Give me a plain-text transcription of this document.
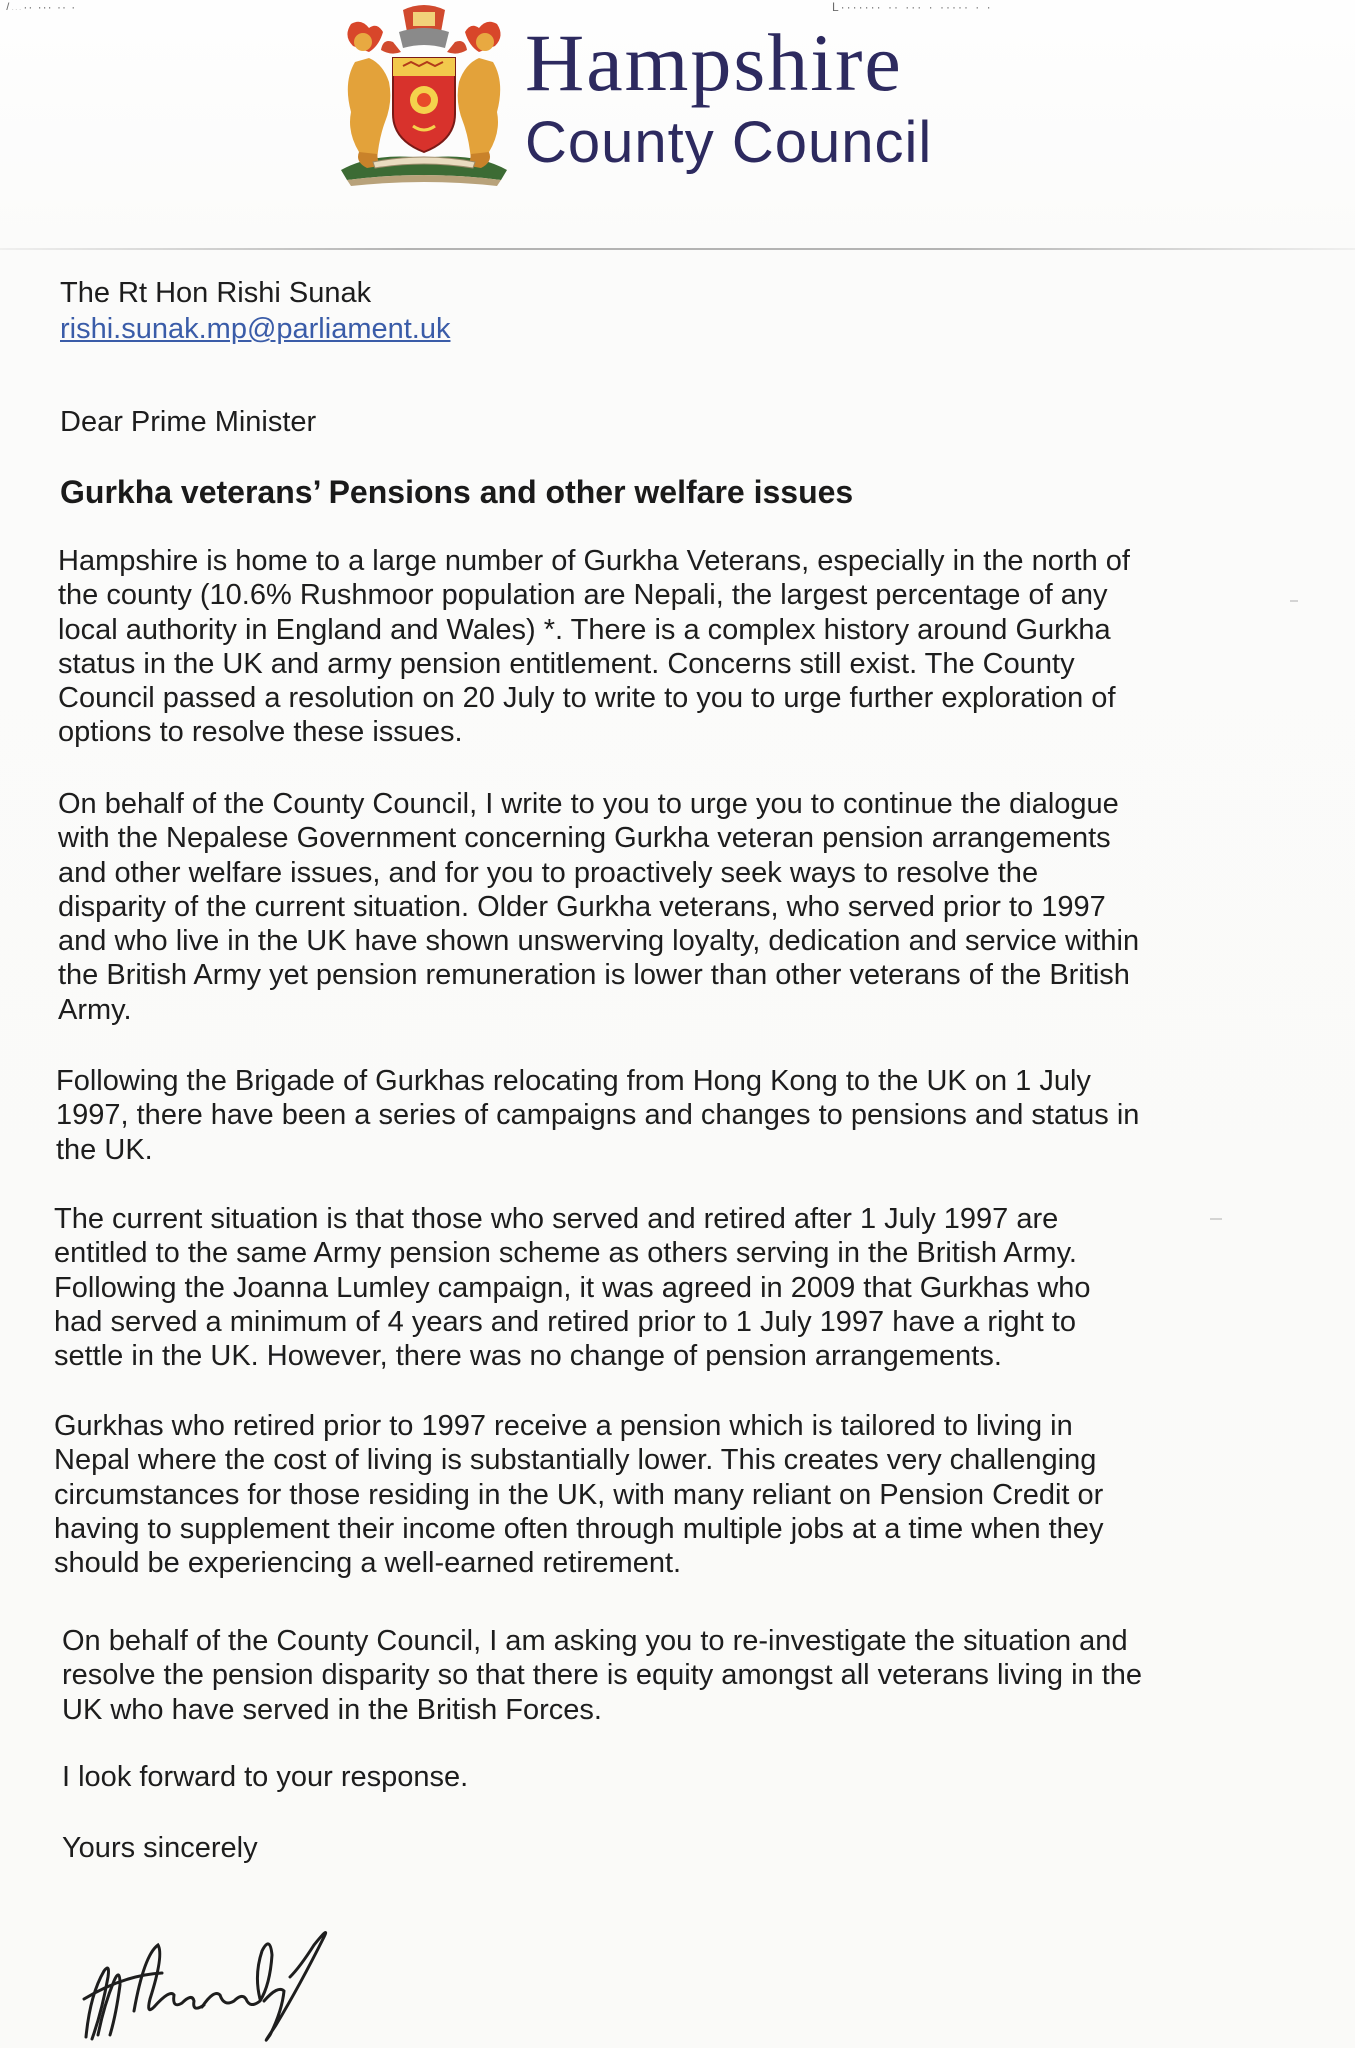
/…·· ··· ·· ·	L······· ·· ··· · ····· · ·
Hampshire
County Council
The Rt Hon Rishi Sunak
rishi.sunak.mp@parliament.uk
Dear Prime Minister
Gurkha veterans’ Pensions and other welfare issues
Hampshire is home to a large number of Gurkha Veterans, especially in the north of
the county (10.6% Rushmoor population are Nepali, the largest percentage of any
local authority in England and Wales) *. There is a complex history around Gurkha
status in the UK and army pension entitlement. Concerns still exist. The County
Council passed a resolution on 20 July to write to you to urge further exploration of
options to resolve these issues.
On behalf of the County Council, I write to you to urge you to continue the dialogue
with the Nepalese Government concerning Gurkha veteran pension arrangements
and other welfare issues, and for you to proactively seek ways to resolve the
disparity of the current situation. Older Gurkha veterans, who served prior to 1997
and who live in the UK have shown unswerving loyalty, dedication and service within
the British Army yet pension remuneration is lower than other veterans of the British
Army.
Following the Brigade of Gurkhas relocating from Hong Kong to the UK on 1 July
1997, there have been a series of campaigns and changes to pensions and status in
the UK.
The current situation is that those who served and retired after 1 July 1997 are
entitled to the same Army pension scheme as others serving in the British Army.
Following the Joanna Lumley campaign, it was agreed in 2009 that Gurkhas who
had served a minimum of 4 years and retired prior to 1 July 1997 have a right to
settle in the UK. However, there was no change of pension arrangements.
Gurkhas who retired prior to 1997 receive a pension which is tailored to living in
Nepal where the cost of living is substantially lower. This creates very challenging
circumstances for those residing in the UK, with many reliant on Pension Credit or
having to supplement their income often through multiple jobs at a time when they
should be experiencing a well-earned retirement.
On behalf of the County Council, I am asking you to re-investigate the situation and
resolve the pension disparity so that there is equity amongst all veterans living in the
UK who have served in the British Forces.
I look forward to your response.
Yours sincerely
